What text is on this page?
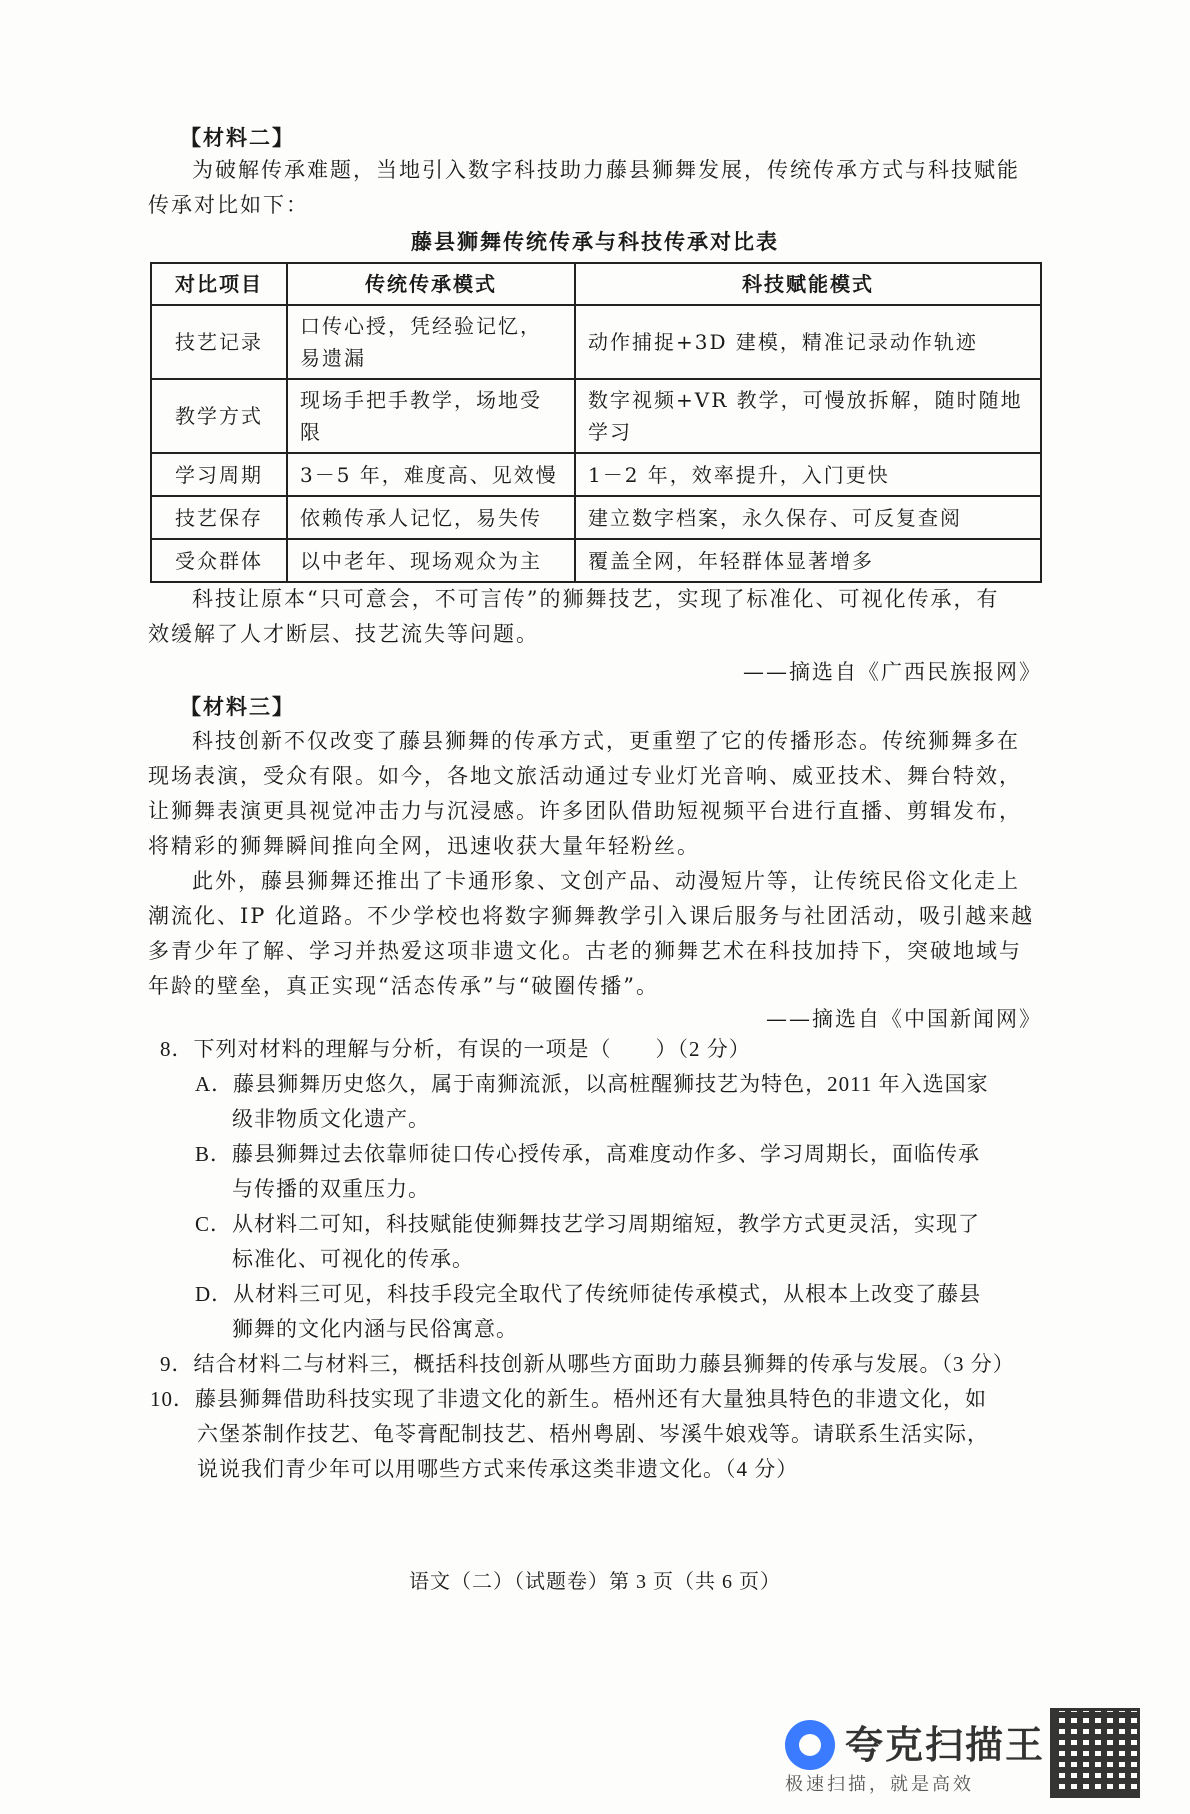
【材料二】

为破解传承难题，当地引入数字科技助力藤县狮舞发展，传统传承方式与科技赋能

传承对比如下：

藤县狮舞传统传承与科技传承对比表
对比项目	传统传承模式	科技赋能模式
技艺记录	口传心授，凭经验记忆，易遗漏	动作捕捉+3D 建模，精准记录动作轨迹
教学方式	现场手把手教学，场地受限	数字视频+VR 教学，可慢放拆解，随时随地学习
学习周期	3－5 年，难度高、见效慢	1－2 年，效率提升，入门更快
技艺保存	依赖传承人记忆，易失传	建立数字档案，永久保存、可反复查阅
受众群体	以中老年、现场观众为主	覆盖全网，年轻群体显著增多

科技让原本“只可意会，不可言传”的狮舞技艺，实现了标准化、可视化传承，有

效缓解了人才断层、技艺流失等问题。

——摘选自《广西民族报网》

【材料三】

科技创新不仅改变了藤县狮舞的传承方式，更重塑了它的传播形态。传统狮舞多在

现场表演，受众有限。如今，各地文旅活动通过专业灯光音响、威亚技术、舞台特效，

让狮舞表演更具视觉冲击力与沉浸感。许多团队借助短视频平台进行直播、剪辑发布，

将精彩的狮舞瞬间推向全网，迅速收获大量年轻粉丝。

此外，藤县狮舞还推出了卡通形象、文创产品、动漫短片等，让传统民俗文化走上

潮流化、IP 化道路。不少学校也将数字狮舞教学引入课后服务与社团活动，吸引越来越

多青少年了解、学习并热爱这项非遗文化。古老的狮舞艺术在科技加持下，突破地域与

年龄的壁垒，真正实现“活态传承”与“破圈传播”。

——摘选自《中国新闻网》
8．下列对材料的理解与分析，有误的一项是（　　）（2 分）
A．藤县狮舞历史悠久，属于南狮流派，以高桩醒狮技艺为特色，2011 年入选国家
级非物质文化遗产。
B．藤县狮舞过去依靠师徒口传心授传承，高难度动作多、学习周期长，面临传承
与传播的双重压力。
C．从材料二可知，科技赋能使狮舞技艺学习周期缩短，教学方式更灵活，实现了
标准化、可视化的传承。
D．从材料三可见，科技手段完全取代了传统师徒传承模式，从根本上改变了藤县
狮舞的文化内涵与民俗寓意。
9．结合材料二与材料三，概括科技创新从哪些方面助力藤县狮舞的传承与发展。（3 分）
10．藤县狮舞借助科技实现了非遗文化的新生。梧州还有大量独具特色的非遗文化，如
六堡茶制作技艺、龟苓膏配制技艺、梧州粤剧、岑溪牛娘戏等。请联系生活实际，
说说我们青少年可以用哪些方式来传承这类非遗文化。（4 分）
语文（二）（试题卷）第 3 页（共 6 页）
夸克扫描王
极速扫描，就是高效
